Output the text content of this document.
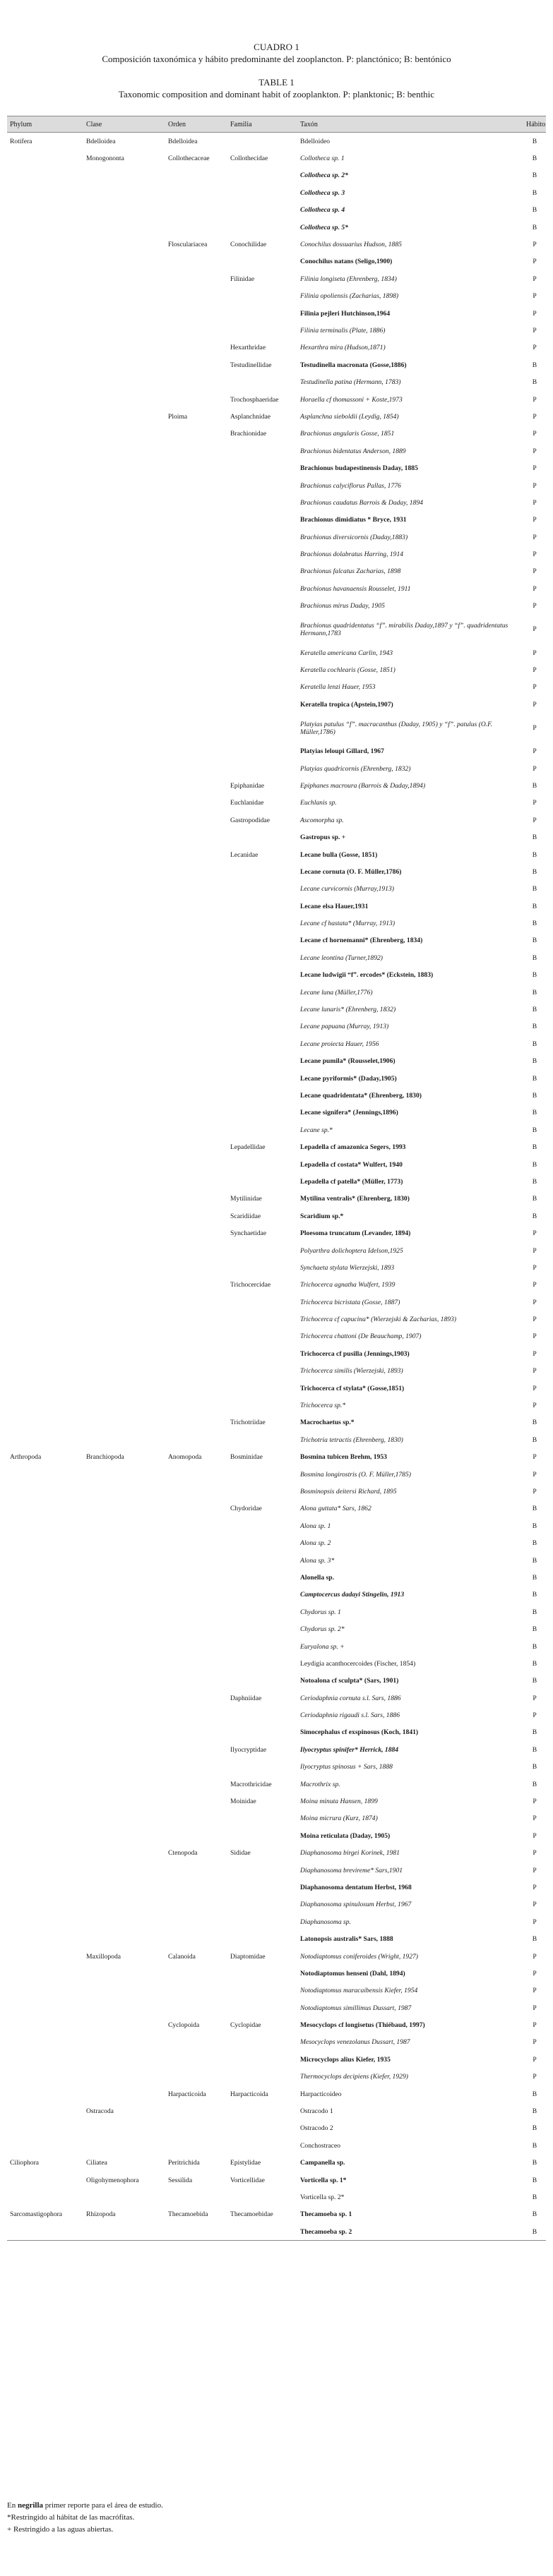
CUADRO 1
Composición taxonómica y hábito predominante del zooplancton. P: planctónico; B: bentónico
TABLE 1
Taxonomic composition and dominant habit of zooplankton. P: planktonic; B: benthic
Phylum	Clase	Orden	Familia	Taxón	Hábito
Rotifera	Bdelloidea	Bdelloidea		Bdelloideo	B
	Monogononta	Collothecaceae	Collothecidae	Collotheca sp. 1	B
				Collotheca sp. 2*	B
				Collotheca sp. 3	B
				Collotheca sp. 4	B
				Collotheca sp. 5*	B
		Flosculariacea	Conochilidae	Conochilus dossuarius Hudson, 1885	P
				Conochilus natans (Seligo,1900)	P
			Filinidae	Filinia longiseta (Ehrenberg, 1834)	P
				Filinia opoliensis (Zacharias, 1898)	P
				Filinia pejleri Hutchinson,1964	P
				Filinia terminalis (Plate, 1886)	P
			Hexarthridae	Hexarthra mira (Hudson,1871)	P
			Testudinellidae	Testudinella macronata (Gosse,1886)	B
				Testudinella patina (Hermann, 1783)	B
			Trochosphaeridae	Horaella cf thomassoni + Koste,1973	P
		Ploima	Asplanchnidae	Asplanchna sieboldii (Leydig, 1854)	P
			Brachionidae	Brachionus angularis Gosse, 1851	P
				Brachionus bidentatus Anderson, 1889	P
				Brachionus budapestinensis Daday, 1885	P
				Brachionus calyciflorus Pallas, 1776	P
				Brachionus caudatus Barrois & Daday, 1894	P
				Brachionus dimidiatus * Bryce, 1931	P
				Brachionus diversicornis (Daday,1883)	P
				Brachionus dolabratus Harring, 1914	P
				Brachionus falcatus Zacharias, 1898	P
				Brachionus havanaensis Rousselet, 1911	P
				Brachionus mirus Daday, 1905	P
				Brachionus quadridentatus “f”. mirabilis Daday,1897 y “f”. quadridentatus Hermann,1783	P
				Keratella americana Carlin, 1943	P
				Keratella cochlearis (Gosse, 1851)	P
				Keratella lenzi Hauer, 1953	P
				Keratella tropica (Apstein,1907)	P
				Platyias patulus “f”. macracanthus (Daday, 1905) y “f”. patulus (O.F. Müller,1786)	P
				Platyias leloupi Gillard, 1967	P
				Platyias quadricornis (Ehrenberg, 1832)	P
			Epiphanidae	Epiphanes macroura (Barrois & Daday,1894)	B
			Euchlanidae	Euchlanis sp.	P
			Gastropodidae	Ascomorpha sp.	P
				Gastropus sp. +	B
			Lecanidae	Lecane bulla (Gosse, 1851)	B
				Lecane cornuta (O. F. Müller,1786)	B
				Lecane curvicornis (Murray,1913)	B
				Lecane elsa Hauer,1931	B
				Lecane cf hastata* (Murray, 1913)	B
				Lecane cf hornemanni* (Ehrenberg, 1834)	B
				Lecane leontina (Turner,1892)	B
				Lecane ludwigii “f”. ercodes* (Eckstein, 1883)	B
				Lecane luna (Müller,1776)	B
				Lecane lunaris* (Ehrenberg, 1832)	B
				Lecane papuana (Murray, 1913)	B
				Lecane proiecta Hauer, 1956	B
				Lecane pumila* (Rousselet,1906)	B
				Lecane pyriformis* (Daday,1905)	B
				Lecane quadridentata* (Ehrenberg, 1830)	B
				Lecane signifera* (Jennings,1896)	B
				Lecane sp.*	B
			Lepadellidae	Lepadella cf amazonica Segers, 1993	B
				Lepadella cf costata* Wulfert, 1940	B
				Lepadella cf patella* (Müller, 1773)	B
			Mytilinidae	Mytilina ventralis* (Ehrenberg, 1830)	B
			Scaridiidae	Scaridium sp.*	B
			Synchaetidae	Ploesoma truncatum (Levander, 1894)	P
				Polyarthra dolichoptera Idelson,1925	P
				Synchaeta stylata Wierzejski, 1893	P
			Trichocercidae	Trichocerca agnatha Wulfert, 1939	P
				Trichocerca bicristata (Gosse, 1887)	P
				Trichocerca cf capucina* (Wierzejski & Zacharias, 1893)	P
				Trichocerca chattoni (De Beauchamp, 1907)	P
				Trichocerca cf pusilla (Jennings,1903)	P
				Trichocerca similis (Wierzejski, 1893)	P
				Trichocerca cf stylata* (Gosse,1851)	P
				Trichocerca sp.*	P
			Trichotriidae	Macrochaetus sp.*	B
				Trichotria tetractis (Ehrenberg, 1830)	B
Arthropoda	Branchiopoda	Anomopoda	Bosminidae	Bosmina tubicen Brehm, 1953	P
				Bosmina longirostris (O. F. Müller,1785)	P
				Bosminopsis deitersi Richard, 1895	P
			Chydoridae	Alona guttata* Sars, 1862	B
				Alona sp. 1	B
				Alona sp. 2	B
				Alona sp. 3*	B
				Alonella sp.	B
				Camptocercus dadayi Stingelin, 1913	B
				Chydorus sp. 1	B
				Chydorus sp. 2*	B
				Euryalona sp. +	B
				Leydigia acanthocercoides (Fischer, 1854)	B
				Notoalona cf sculpta* (Sars, 1901)	B
			Daphniidae	Ceriodaphnia cornuta s.l. Sars, 1886	P
				Ceriodaphnia rigaudi s.l. Sars, 1886	P
				Simocephalus cf exspinosus (Koch, 1841)	B
			Ilyocryptidae	Ilyocryptus spinifer* Herrick, 1884	B
				Ilyocryptus spinosus + Sars, 1888	B
			Macrothricidae	Macrothrix sp.	B
			Moinidae	Moina minuta Hansen, 1899	P
				Moina micrura (Kurz, 1874)	P
				Moina reticulata (Daday, 1905)	P
		Ctenopoda	Sididae	Diaphanosoma birgei Korinek, 1981	P
				Diaphanosoma brevireme* Sars,1901	P
				Diaphanosoma dentatum Herbst, 1968	P
				Diaphanosoma spinulosum Herbst, 1967	P
				Diaphanosoma sp.	P
				Latonopsis australis* Sars, 1888	B
	Maxillopoda	Calanoida	Diaptomidae	Notodiaptomus coniferoides (Wright, 1927)	P
				Notodiaptomus henseni (Dahl, 1894)	P
				Notodiaptomus maracaibensis Kiefer, 1954	P
				Notodiaptomus simillimus Dussart, 1987	P
		Cyclopoida	Cyclopidae	Mesocyclops cf longisetus (Thiébaud, 1997)	P
				Mesocyclops venezolanus Dussart, 1987	P
				Microcyclops alius Kiefer, 1935	P
				Thermocyclops decipiens (Kiefer, 1929)	P
		Harpacticoida	Harpacticoida	Harpacticoideo	B
	Ostracoda			Ostracodo 1	B
				Ostracodo 2	B
				Conchostraceo	B
Ciliophora	Ciliatea	Peritrichida	Epistylidae	Campanella sp.	B
	Oligohymenophora	Sessilida	Vorticellidae	Vorticella sp. 1*	B
				Vorticella sp. 2*	B
Sarcomastigophora	Rhizopoda	Thecamoebida	Thecamoebidae	Thecamoeba sp. 1	B
				Thecamoeba sp. 2	B
En negrilla primer reporte para el área de estudio.
*Restringido al hábitat de las macrófitas.
+ Restringido a las aguas abiertas.
